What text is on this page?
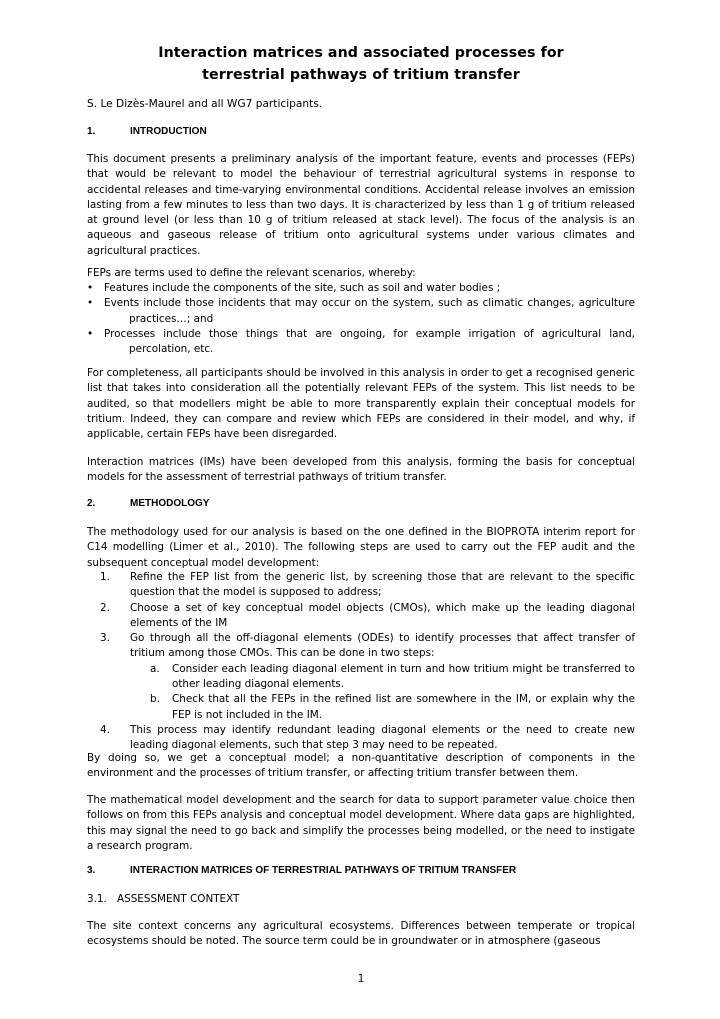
Interaction matrices and associated processes for
terrestrial pathways of tritium transfer
S. Le Dizès-Maurel and all WG7 participants.
1.	INTRODUCTION
This document presents a preliminary analysis of the important feature, events and processes (FEPs) that would be relevant to model the behaviour of terrestrial agricultural systems in response to accidental releases and time-varying environmental conditions. Accidental release involves an emission lasting from a few minutes to less than two days. It is characterized by less than 1 g of tritium released at ground level (or less than 10 g of tritium released at stack level). The focus of the analysis is an aqueous and gaseous release of tritium onto agricultural systems under various climates and agricultural practices.
FEPs are terms used to define the relevant scenarios, whereby:
•	Features include the components of the site, such as soil and water bodies ;
•	Events include those incidents that may occur on the system, such as climatic changes, agriculture practices…; and
•	Processes include those things that are ongoing, for example irrigation of agricultural land, percolation, etc.
For completeness, all participants should be involved in this analysis in order to get a recognised generic list that takes into consideration all the potentially relevant FEPs of the system. This list needs to be audited, so that modellers might be able to more transparently explain their conceptual models for tritium. Indeed, they can compare and review which FEPs are considered in their model, and why, if applicable, certain FEPs have been disregarded.
Interaction matrices (IMs) have been developed from this analysis, forming the basis for conceptual models for the assessment of terrestrial pathways of tritium transfer.
2.	METHODOLOGY
The methodology used for our analysis is based on the one defined in the BIOPROTA interim report for C14 modelling (Limer et al., 2010). The following steps are used to carry out the FEP audit and the subsequent conceptual model development:
1. Refine the FEP list from the generic list, by screening those that are relevant to the specific question that the model is supposed to address;
2. Choose a set of key conceptual model objects (CMOs), which make up the leading diagonal elements of the IM
3. Go through all the off-diagonal elements (ODEs) to identify processes that affect transfer of tritium among those CMOs. This can be done in two steps:
a. Consider each leading diagonal element in turn and how tritium might be transferred to other leading diagonal elements.
b. Check that all the FEPs in the refined list are somewhere in the IM, or explain why the FEP is not included in the IM.
4. This process may identify redundant leading diagonal elements or the need to create new leading diagonal elements, such that step 3 may need to be repeated.
By doing so, we get a conceptual model; a non-quantitative description of components in the environment and the processes of tritium transfer, or affecting tritium transfer between them.
The mathematical model development and the search for data to support parameter value choice then follows on from this FEPs analysis and conceptual model development. Where data gaps are highlighted, this may signal the need to go back and simplify the processes being modelled, or the need to instigate a research program.
3.	INTERACTION MATRICES OF TERRESTRIAL PATHWAYS OF TRITIUM TRANSFER
3.1. ASSESSMENT CONTEXT
The site context concerns any agricultural ecosystems. Differences between temperate or tropical ecosystems should be noted. The source term could be in groundwater or in atmosphere (gaseous
1
